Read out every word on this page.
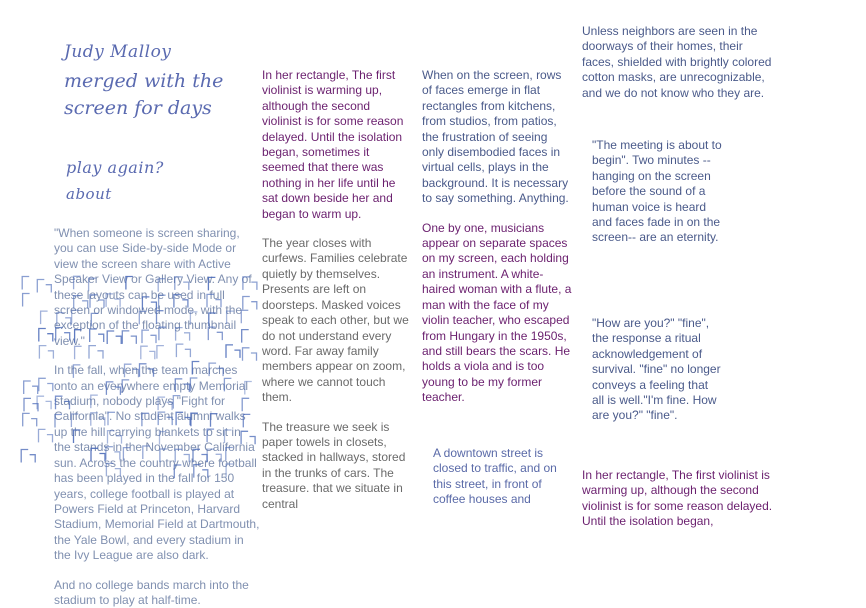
Judy Malloy
merged with the screen for days
play again?
about

"When someone is screen sharing, you can use Side-by-side Mode or view the screen share with Active Speaker View or Gallery View. Any of these layouts can be used in full screen or windowed mode, with the exception of the floating thumbnail view."

In the fall, when the team marches onto an everywhere empty Memorial stadium, nobody plays "Fight for California". No student alumni walks up the hill carrying blankets to sit in the stands in the November California sun. Across the country where football has been played in the fall for 150 years, college football is played at Powers Field at Princeton, Harvard Stadium, Memorial Field at Dartmouth, the Yale Bowl, and every stadium in the Ivy League are also dark.

And no college bands march into the stadium to play at half-time.

In her rectangle, The first violinist is warming up, although the second violinist is for some reason delayed. Until the isolation began, sometimes it seemed that there was nothing in her life until he sat down beside her and began to warm up.

The year closes with curfews. Families celebrate quietly by themselves. Presents are left on doorsteps. Masked voices speak to each other, but we do not understand every word. Far away family members appear on zoom, where we cannot touch them.

The treasure we seek is paper towels in closets, stacked in hallways, stored in the trunks of cars. The treasure. that we situate in central

When on the screen, rows of faces emerge in flat rectangles from kitchens, from studios, from patios, the frustration of seeing only disembodied faces in virtual cells, plays in the background. It is necessary to say something. Anything.

One by one, musicians appear on separate spaces on my screen, each holding an instrument. A white-haired woman with a flute, a man with the face of my violin teacher, who escaped from Hungary in the 1950s, and still bears the scars. He holds a viola and is too young to be my former teacher.

A downtown street is closed to traffic, and on this street, in front of coffee houses and

Unless neighbors are seen in the doorways of their homes, their faces, shielded with brightly colored cotton masks, are unrecognizable, and we do not know who they are.

"The meeting is about to begin". Two minutes -- hanging on the screen before the sound of a human voice is heard and faces fade in on the screen-- are an eternity.

"How are you?" "fine", the response a ritual acknowledgement of survival. "fine" no longer conveys a feeling that all is well."I'm fine. How are you?" "fine".

In her rectangle, The first violinist is warming up, although the second violinist is for some reason delayed. Until the isolation began,
